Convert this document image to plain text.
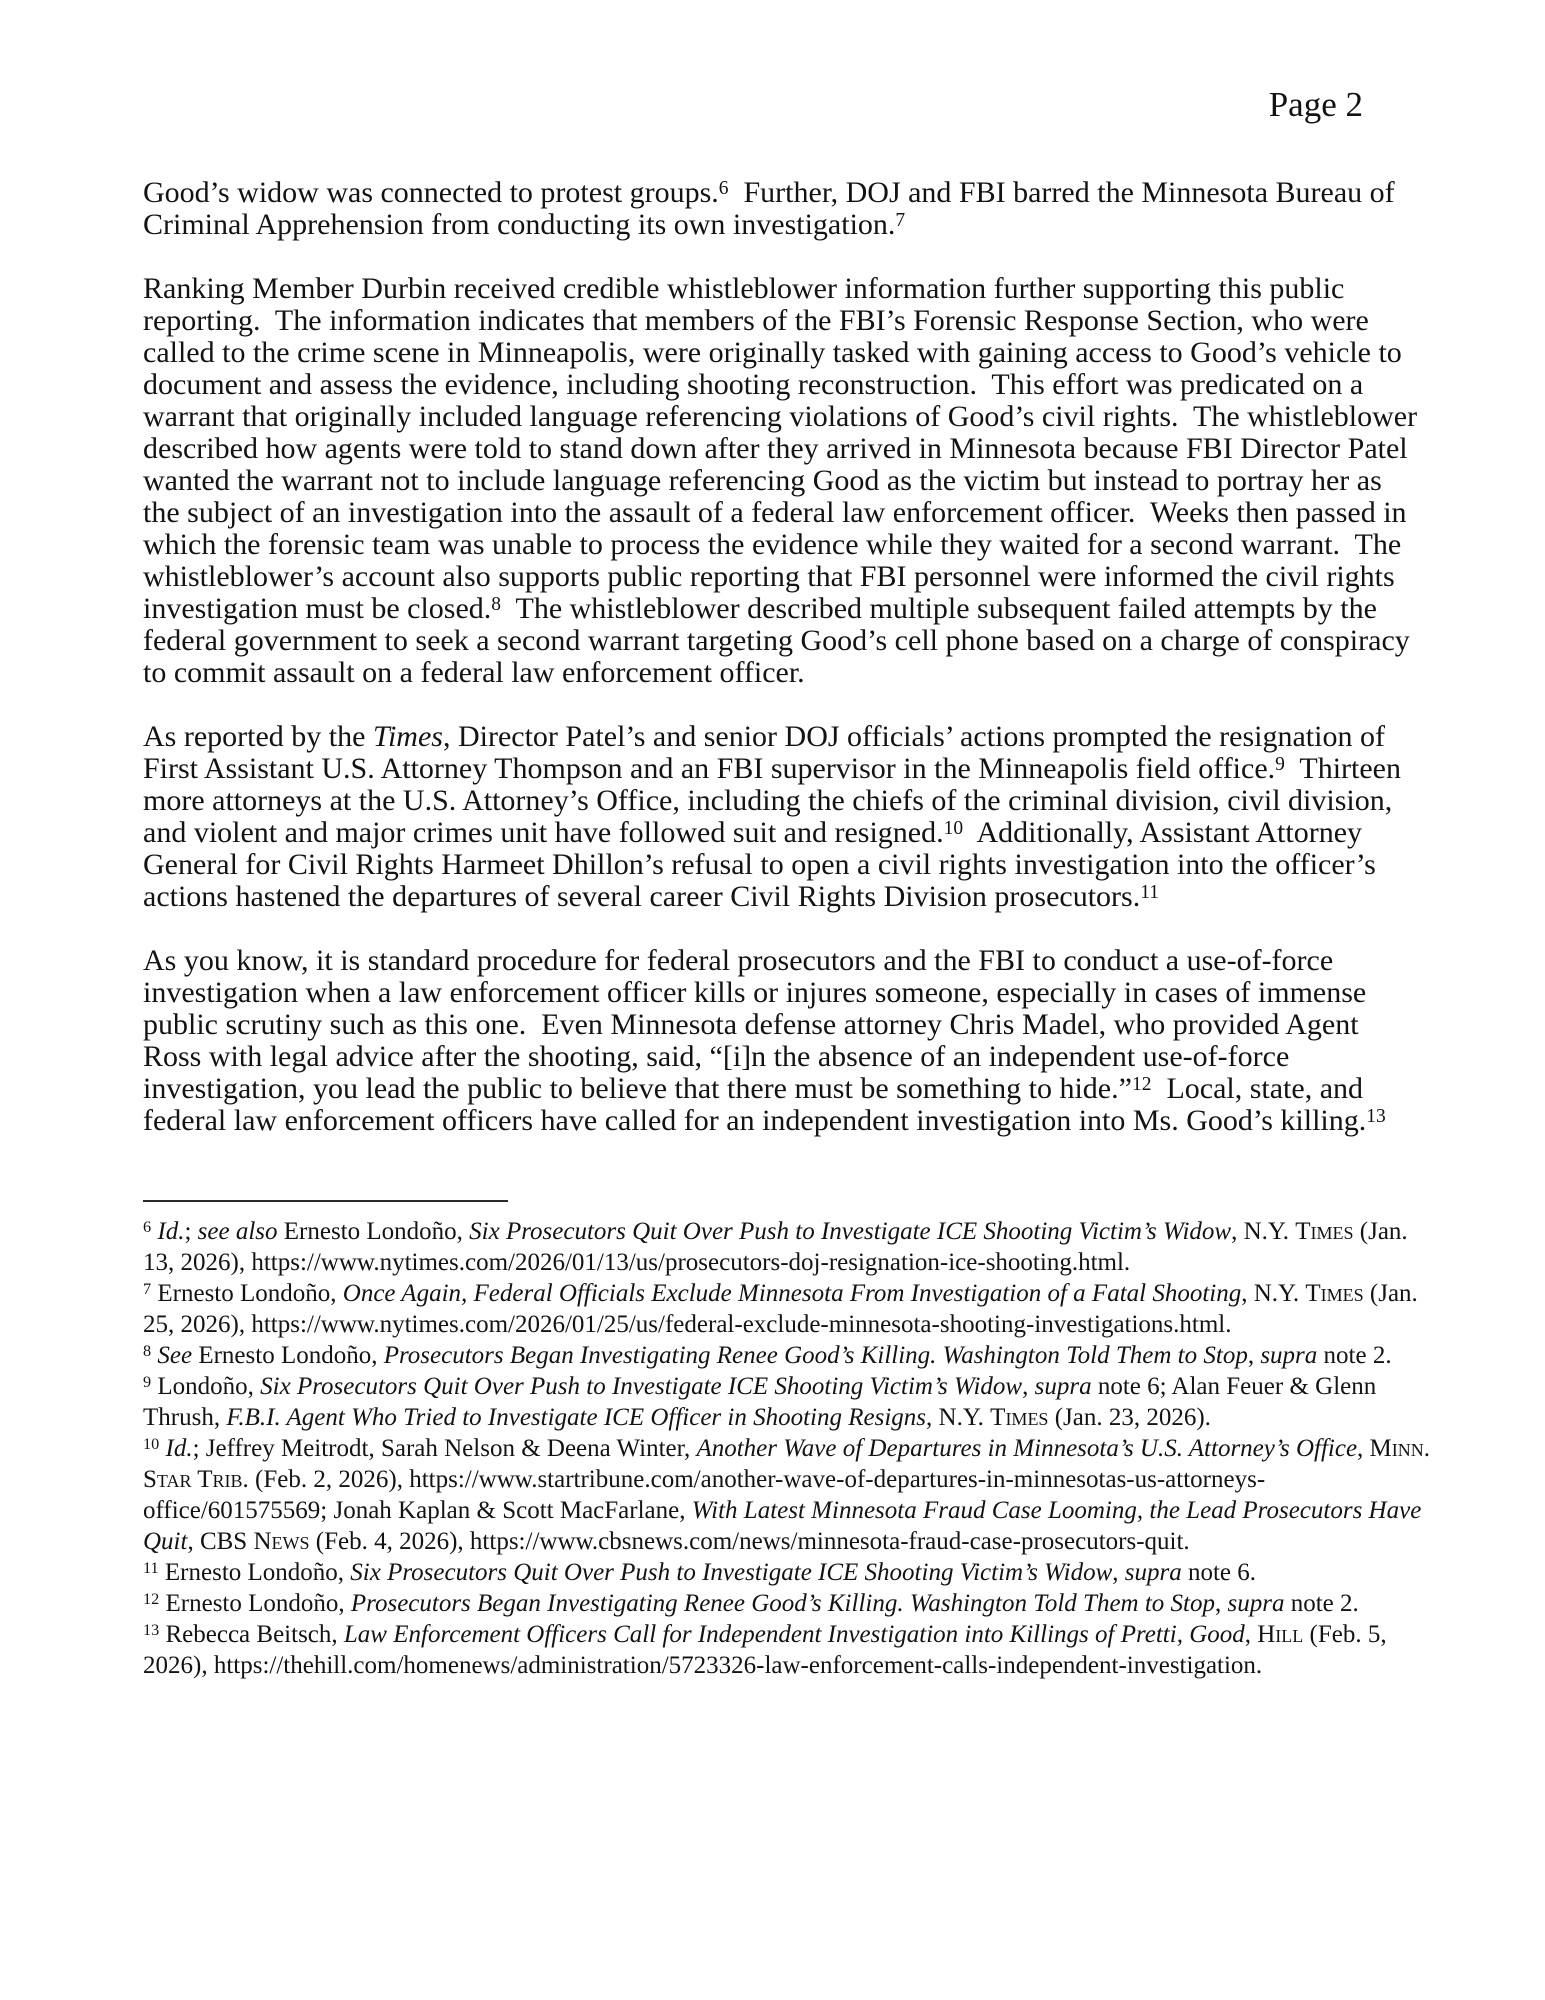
Page 2

Good’s widow was connected to protest groups.$^6$  Further, DOJ and FBI barred the Minnesota Bureau of Criminal Apprehension from conducting its own investigation.$^7$

Ranking Member Durbin received credible whistleblower information further supporting this public reporting.  The information indicates that members of the FBI’s Forensic Response Section, who were called to the crime scene in Minneapolis, were originally tasked with gaining access to Good’s vehicle to document and assess the evidence, including shooting reconstruction.  This effort was predicated on a warrant that originally included language referencing violations of Good’s civil rights.  The whistleblower described how agents were told to stand down after they arrived in Minnesota because FBI Director Patel wanted the warrant not to include language referencing Good as the victim but instead to portray her as the subject of an investigation into the assault of a federal law enforcement officer.  Weeks then passed in which the forensic team was unable to process the evidence while they waited for a second warrant.  The whistleblower’s account also supports public reporting that FBI personnel were informed the civil rights investigation must be closed.$^8$  The whistleblower described multiple subsequent failed attempts by the federal government to seek a second warrant targeting Good’s cell phone based on a charge of conspiracy to commit assault on a federal law enforcement officer.

As reported by the Times, Director Patel’s and senior DOJ officials’ actions prompted the resignation of First Assistant U.S. Attorney Thompson and an FBI supervisor in the Minneapolis field office.$^9$  Thirteen more attorneys at the U.S. Attorney’s Office, including the chiefs of the criminal division, civil division, and violent and major crimes unit have followed suit and resigned.$^{10}$  Additionally, Assistant Attorney General for Civil Rights Harmeet Dhillon’s refusal to open a civil rights investigation into the officer’s actions hastened the departures of several career Civil Rights Division prosecutors.$^{11}$

As you know, it is standard procedure for federal prosecutors and the FBI to conduct a use-of-force investigation when a law enforcement officer kills or injures someone, especially in cases of immense public scrutiny such as this one.  Even Minnesota defense attorney Chris Madel, who provided Agent Ross with legal advice after the shooting, said, “[i]n the absence of an independent use-of-force investigation, you lead the public to believe that there must be something to hide.”$^{12}$  Local, state, and federal law enforcement officers have called for an independent investigation into Ms. Good’s killing.$^{13}$

$^6$ Id.; see also Ernesto Londoño, Six Prosecutors Quit Over Push to Investigate ICE Shooting Victim’s Widow, N.Y. Times (Jan. 13, 2026), https://www.nytimes.com/2026/01/13/us/prosecutors-doj-resignation-ice-shooting.html.
$^7$ Ernesto Londoño, Once Again, Federal Officials Exclude Minnesota From Investigation of a Fatal Shooting, N.Y. Times (Jan. 25, 2026), https://www.nytimes.com/2026/01/25/us/federal-exclude-minnesota-shooting-investigations.html.
$^8$ See Ernesto Londoño, Prosecutors Began Investigating Renee Good’s Killing. Washington Told Them to Stop, supra note 2.
$^9$ Londoño, Six Prosecutors Quit Over Push to Investigate ICE Shooting Victim’s Widow, supra note 6; Alan Feuer & Glenn Thrush, F.B.I. Agent Who Tried to Investigate ICE Officer in Shooting Resigns, N.Y. Times (Jan. 23, 2026).
$^{10}$ Id.; Jeffrey Meitrodt, Sarah Nelson & Deena Winter, Another Wave of Departures in Minnesota’s U.S. Attorney’s Office, Minn. Star Trib. (Feb. 2, 2026), https://www.startribune.com/another-wave-of-departures-in-minnesotas-us-attorneys-office/601575569; Jonah Kaplan & Scott MacFarlane, With Latest Minnesota Fraud Case Looming, the Lead Prosecutors Have Quit, CBS News (Feb. 4, 2026), https://www.cbsnews.com/news/minnesota-fraud-case-prosecutors-quit.
$^{11}$ Ernesto Londoño, Six Prosecutors Quit Over Push to Investigate ICE Shooting Victim’s Widow, supra note 6.
$^{12}$ Ernesto Londoño, Prosecutors Began Investigating Renee Good’s Killing. Washington Told Them to Stop, supra note 2.
$^{13}$ Rebecca Beitsch, Law Enforcement Officers Call for Independent Investigation into Killings of Pretti, Good, Hill (Feb. 5, 2026), https://thehill.com/homenews/administration/5723326-law-enforcement-calls-independent-investigation.
